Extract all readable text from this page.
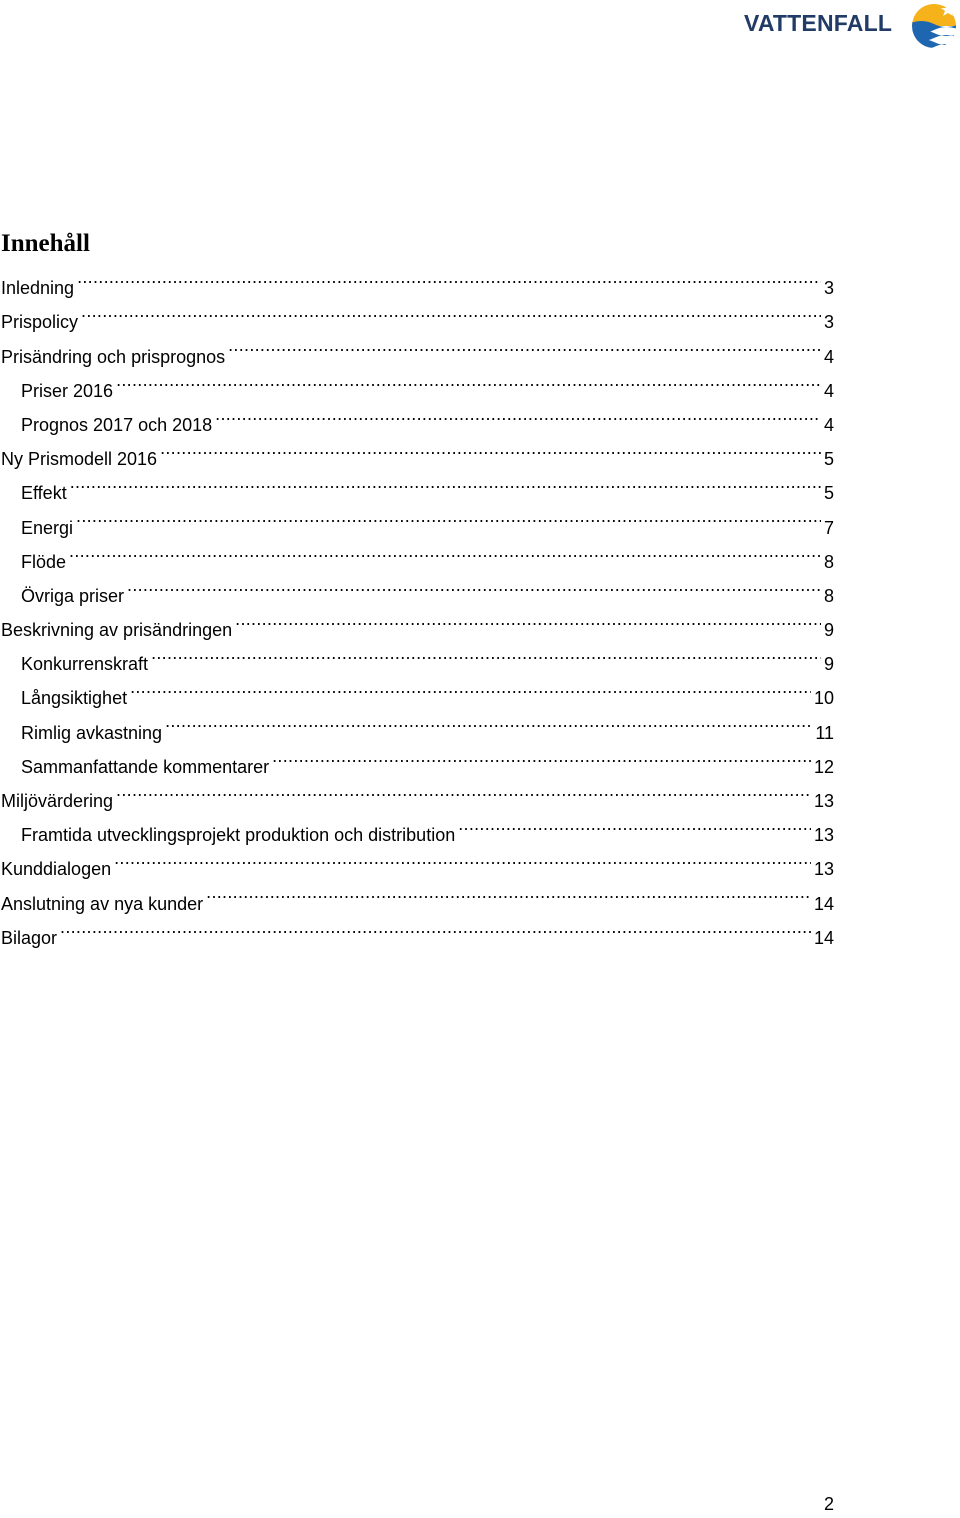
VATTENFALL
Innehåll
Inledning .....	3
Prispolicy .....	3
Prisändring och prisprognos .....	4
Priser 2016 .....	4
Prognos 2017 och 2018 .....	4
Ny Prismodell 2016 .....	5
Effekt .....	5
Energi .....	7
Flöde .....	8
Övriga priser .....	8
Beskrivning av prisändringen .....	9
Konkurrenskraft .....	9
Långsiktighet .....	10
Rimlig avkastning .....	11
Sammanfattande kommentarer .....	12
Miljövärdering .....	13
Framtida utvecklingsprojekt produktion och distribution .....	13
Kunddialogen .....	13
Anslutning av nya kunder .....	14
Bilagor .....	14
2
